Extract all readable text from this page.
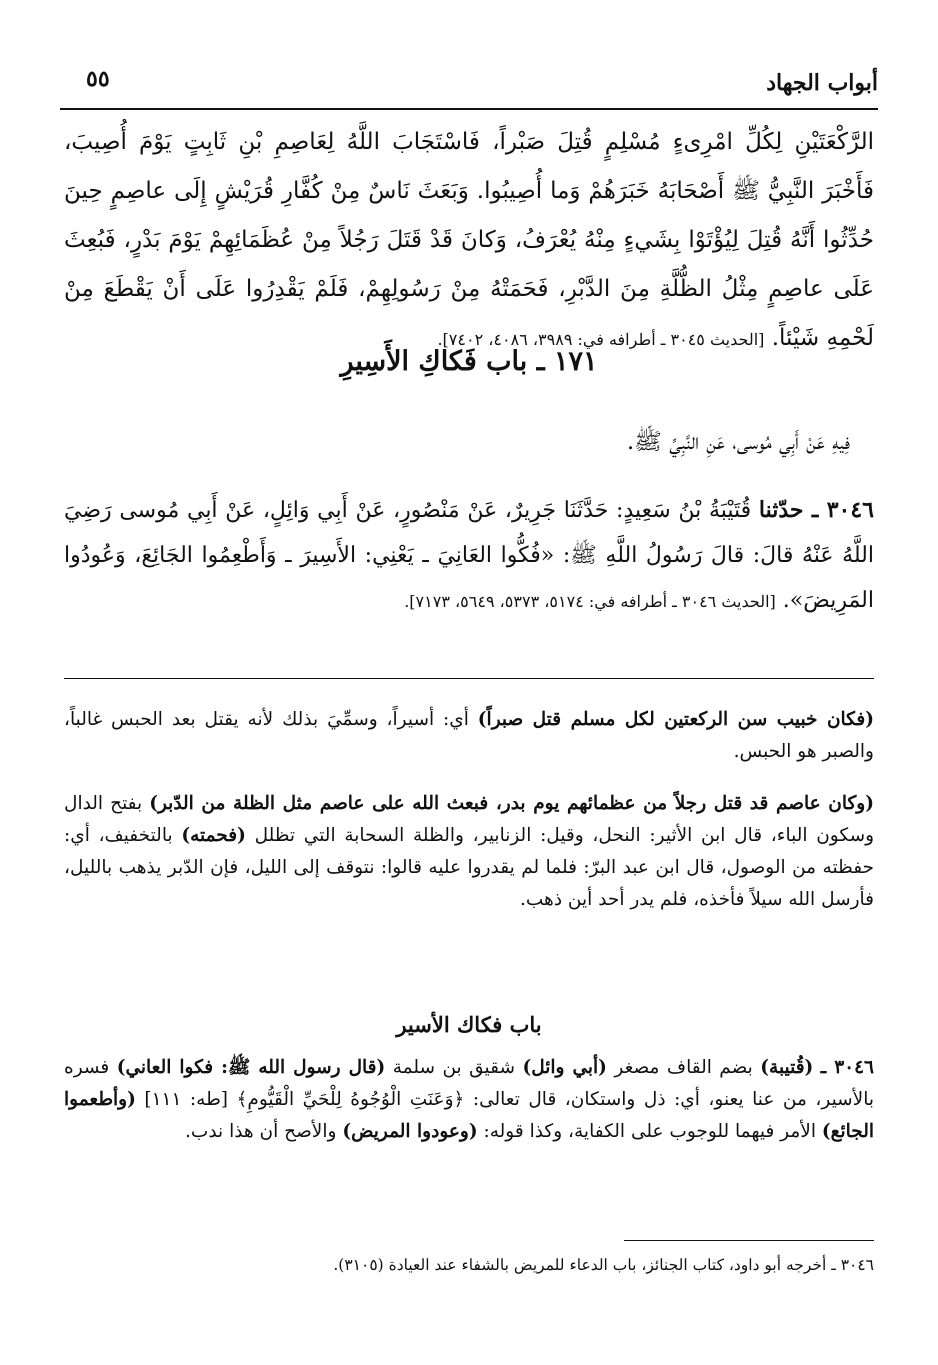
أبواب الجهاد
٥٥
الرَّكْعَتَيْنِ لِكُلِّ امْرِىءٍ مُسْلِمٍ قُتِلَ صَبْراً، فَاسْتَجَابَ اللَّهُ لِعَاصِمِ بْنِ ثَابِتٍ يَوْمَ أُصِيبَ، فَأَخْبَرَ النَّبِيُّ ﷺ أَصْحَابَهُ خَبَرَهُمْ وَما أُصِيبُوا. وَبَعَثَ نَاسٌ مِنْ كُفَّارِ قُرَيْشٍ إِلَى عاصِمٍ حِينَ حُدِّثُوا أَنَّهُ قُتِلَ لِيُؤْتَوْا بِشَيءٍ مِنْهُ يُعْرَفُ، وَكانَ قَدْ قَتَلَ رَجُلاً مِنْ عُظَمَائِهِمْ يَوْمَ بَدْرٍ، فَبُعِثَ عَلَى عاصِمٍ مِثْلُ الظُّلَّةِ مِنَ الدَّبْرِ، فَحَمَتْهُ مِنْ رَسُولِهِمْ، فَلَمْ يَقْدِرُوا عَلَى أَنْ يَقْطَعَ مِنْ لَحْمِهِ شَيْئاً. [الحديث ٣٠٤٥ ـ أطرافه في: ٣٩٨٩، ٤٠٨٦، ٧٤٠٢].
١٧١ ـ باب فَكاكِ الأَسِيرِ
فِيهِ عَنْ أَبِي مُوسى، عَنِ النَّبِيِّ ﷺ.
٣٠٤٦ ـ حدّثنا قُتَيْبَةُ بْنُ سَعِيدٍ: حَدَّثَنَا جَرِيرٌ، عَنْ مَنْصُورٍ، عَنْ أَبِي وَائِلٍ، عَنْ أَبِي مُوسى رَضِيَ اللَّهُ عَنْهُ قالَ: قالَ رَسُولُ اللَّهِ ﷺ: «فُكُّوا العَانِيَ ـ يَعْنِي: الأَسِيرَ ـ وَأَطْعِمُوا الجَائِعَ، وَعُودُوا المَرِيضَ». [الحديث ٣٠٤٦ ـ أطرافه في: ٥١٧٤، ٥٣٧٣، ٥٦٤٩، ٧١٧٣].
(فكان خبيب سن الركعتين لكل مسلم قتل صبراً) أي: أسيراً، وسمِّيَ بذلك لأنه يقتل بعد الحبس غالباً، والصبر هو الحبس.
(وكان عاصم قد قتل رجلاً من عظمائهم يوم بدر، فبعث الله على عاصم مثل الظلة من الدّبر) بفتح الدال وسكون الباء، قال ابن الأثير: النحل، وقيل: الزنابير، والظلة السحابة التي تظلل (فحمته) بالتخفيف، أي: حفظته من الوصول، قال ابن عبد البرّ: فلما لم يقدروا عليه قالوا: نتوقف إلى الليل، فإن الدّبر يذهب بالليل، فأرسل الله سيلاً فأخذه، فلم يدر أحد أين ذهب.
باب فكاك الأسير
٣٠٤٦ ـ (قُتيبة) بضم القاف مصغر (أبي وائل) شقيق بن سلمة (قال رسول الله ﷺ: فكوا العاني) فسره بالأسير، من عنا يعنو، أي: ذل واستكان، قال تعالى: ﴿وَعَنَتِ الْوُجُوهُ لِلْحَيِّ الْقَيُّومِ﴾ [طه: ١١١] (وأطعموا الجائع) الأمر فيهما للوجوب على الكفاية، وكذا قوله: (وعودوا المريض) والأصح أن هذا ندب.
٣٠٤٦ ـ أخرجه أبو داود، كتاب الجنائز، باب الدعاء للمريض بالشفاء عند العيادة (٣١٠٥).
